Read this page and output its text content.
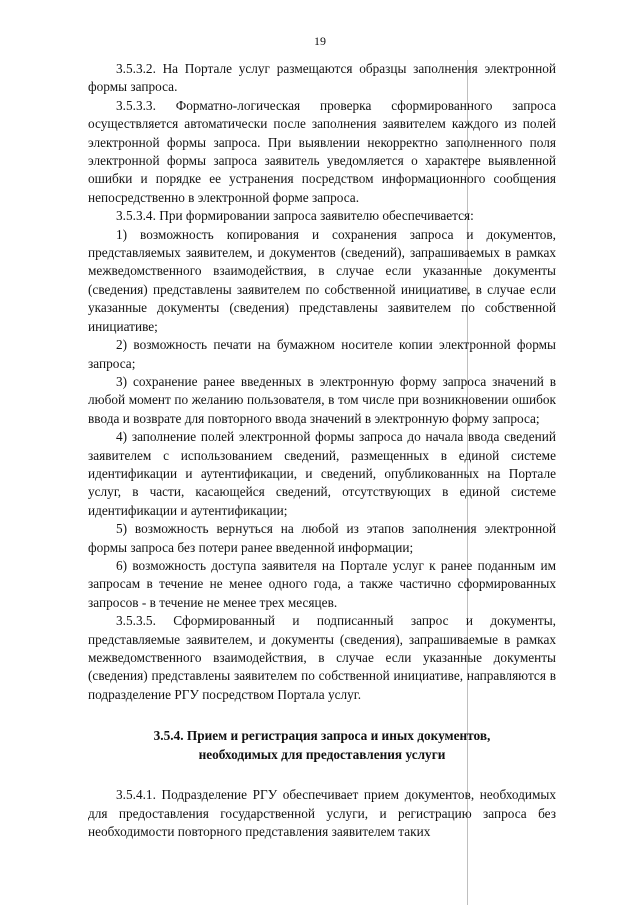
19

3.5.3.2. На Портале услуг размещаются образцы заполнения электронной формы запроса.

3.5.3.3. Форматно-логическая проверка сформированного запроса осуществляется автоматически после заполнения заявителем каждого из полей электронной формы запроса. При выявлении некорректно заполненного поля электронной формы запроса заявитель уведомляется о характере выявленной ошибки и порядке ее устранения посредством информационного сообщения непосредственно в электронной форме запроса.

3.5.3.4. При формировании запроса заявителю обеспечивается:

1) возможность копирования и сохранения запроса и документов, представляемых заявителем, и документов (сведений), запрашиваемых в рамках межведомственного взаимодействия, в случае если указанные документы (сведения) представлены заявителем по собственной инициативе, в случае если указанные документы (сведения) представлены заявителем по собственной инициативе;

2) возможность печати на бумажном носителе копии электронной формы запроса;

3) сохранение ранее введенных в электронную форму запроса значений в любой момент по желанию пользователя, в том числе при возникновении ошибок ввода и возврате для повторного ввода значений в электронную форму запроса;

4) заполнение полей электронной формы запроса до начала ввода сведений заявителем с использованием сведений, размещенных в единой системе идентификации и аутентификации, и сведений, опубликованных на Портале услуг, в части, касающейся сведений, отсутствующих в единой системе идентификации и аутентификации;

5) возможность вернуться на любой из этапов заполнения электронной формы запроса без потери ранее введенной информации;

6) возможность доступа заявителя на Портале услуг к ранее поданным им запросам в течение не менее одного года, а также частично сформированных запросов - в течение не менее трех месяцев.

3.5.3.5. Сформированный и подписанный запрос и документы, представляемые заявителем, и документы (сведения), запрашиваемые в рамках межведомственного взаимодействия, в случае если указанные документы (сведения) представлены заявителем по собственной инициативе, направляются в подразделение РГУ посредством Портала услуг.

3.5.4. Прием и регистрация запроса и иных документов,
необходимых для предоставления услуги

3.5.4.1. Подразделение РГУ обеспечивает прием документов, необходимых для предоставления государственной услуги, и регистрацию запроса без необходимости повторного представления заявителем таких
